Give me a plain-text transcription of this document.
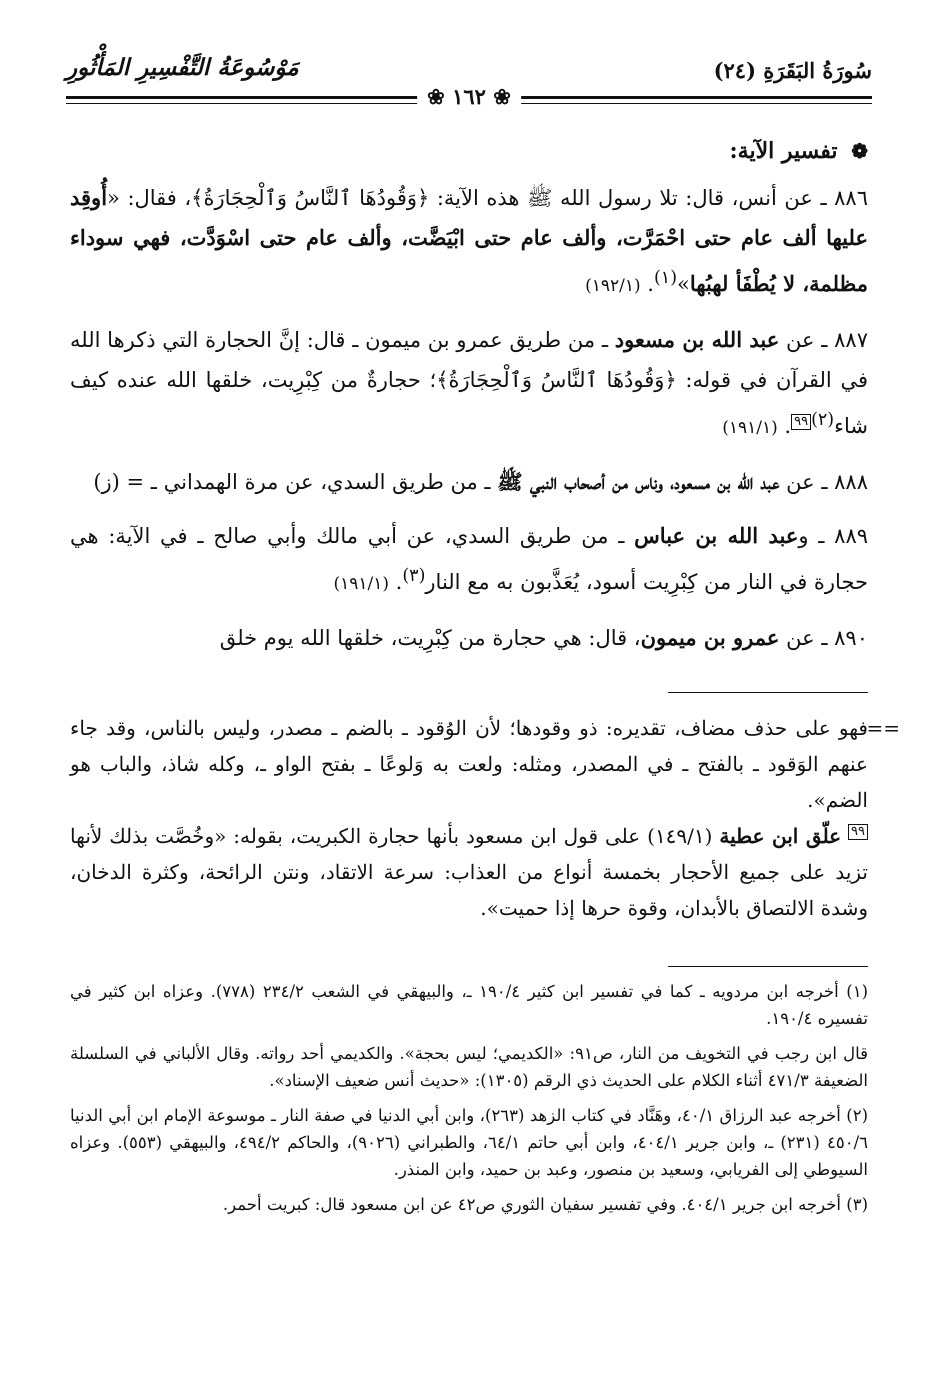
سُورَةُ البَقَرَةِ (٢٤)
مَوْسُوعَةُ التَّفْسِيرِ المَأْثُورِ
❀ ١٦٢ ❀
❁ تفسير الآية:

٨٨٦ ـ عن أنس، قال: تلا رسول الله ﷺ هذه الآية: ﴿وَقُودُهَا ٱلنَّاسُ وَٱلْحِجَارَةُ﴾، فقال: «أُوقِد عليها ألف عام حتى احْمَرَّت، وألف عام حتى ابْيَضَّت، وألف عام حتى اسْوَدَّت، فهي سوداء مظلمة، لا يُطْفَأ لهبُها»$^{(١)}$. (١٩٢/١)

٨٨٧ ـ عن عبد الله بن مسعود ـ من طريق عمرو بن ميمون ـ قال: إنَّ الحجارة التي ذكرها الله في القرآن في قوله: ﴿وَقُودُهَا ٱلنَّاسُ وَٱلْحِجَارَةُ﴾؛ حجارةٌ من كِبْرِيت، خلقها الله عنده كيف شاء$^{(٢)}$٩٩. (١٩١/١)

٨٨٨ ـ عن عبد الله بن مسعود، وناس من أصحاب النبي ﷺ ـ من طريق السدي، عن مرة الهمداني ـ = (ز)

٨٨٩ ـ وعبد الله بن عباس ـ من طريق السدي، عن أبي مالك وأبي صالح ـ في الآية: هي حجارة في النار من كِبْرِيت أسود، يُعَذَّبون به مع النار$^{(٣)}$. (١٩١/١)

٨٩٠ ـ عن عمرو بن ميمون، قال: هي حجارة من كِبْرِيت، خلقها الله يوم خلق

==

فهو على حذف مضاف، تقديره: ذو وقودها؛ لأن الوُقود ـ بالضم ـ مصدر، وليس بالناس، وقد جاء عنهم الوَقود ـ بالفتح ـ في المصدر، ومثله: ولعت به وَلوعًا ـ بفتح الواو ـ، وكله شاذ، والباب هو الضم».

٩٩ علّق ابن عطية (١٤٩/١) على قول ابن مسعود بأنها حجارة الكبريت، بقوله: «وخُصَّت بذلك لأنها تزيد على جميع الأحجار بخمسة أنواع من العذاب: سرعة الاتقاد، ونتن الرائحة، وكثرة الدخان، وشدة الالتصاق بالأبدان، وقوة حرها إذا حميت».

(١) أخرجه ابن مردويه ـ كما في تفسير ابن كثير ١٩٠/٤ ـ، والبيهقي في الشعب ٢٣٤/٢ (٧٧٨). وعزاه ابن كثير في تفسيره ١٩٠/٤.

قال ابن رجب في التخويف من النار، ص٩١: «الكديمي؛ ليس بحجة». والكديمي أحد رواته. وقال الألباني في السلسلة الضعيفة ٤٧١/٣ أثناء الكلام على الحديث ذي الرقم (١٣٠٥): «حديث أنس ضعيف الإسناد».

(٢) أخرجه عبد الرزاق ٤٠/١، وهَنَّاد في كتاب الزهد (٢٦٣)، وابن أبي الدنيا في صفة النار ـ موسوعة الإمام ابن أبي الدنيا ٤٥٠/٦ (٢٣١) ـ، وابن جرير ٤٠٤/١، وابن أبي حاتم ٦٤/١، والطبراني (٩٠٢٦)، والحاكم ٤٩٤/٢، والبيهقي (٥٥٣). وعزاه السيوطي إلى الفريابي، وسعيد بن منصور، وعبد بن حميد، وابن المنذر.

(٣) أخرجه ابن جرير ٤٠٤/١. وفي تفسير سفيان الثوري ص٤٢ عن ابن مسعود قال: كبريت أحمر.
